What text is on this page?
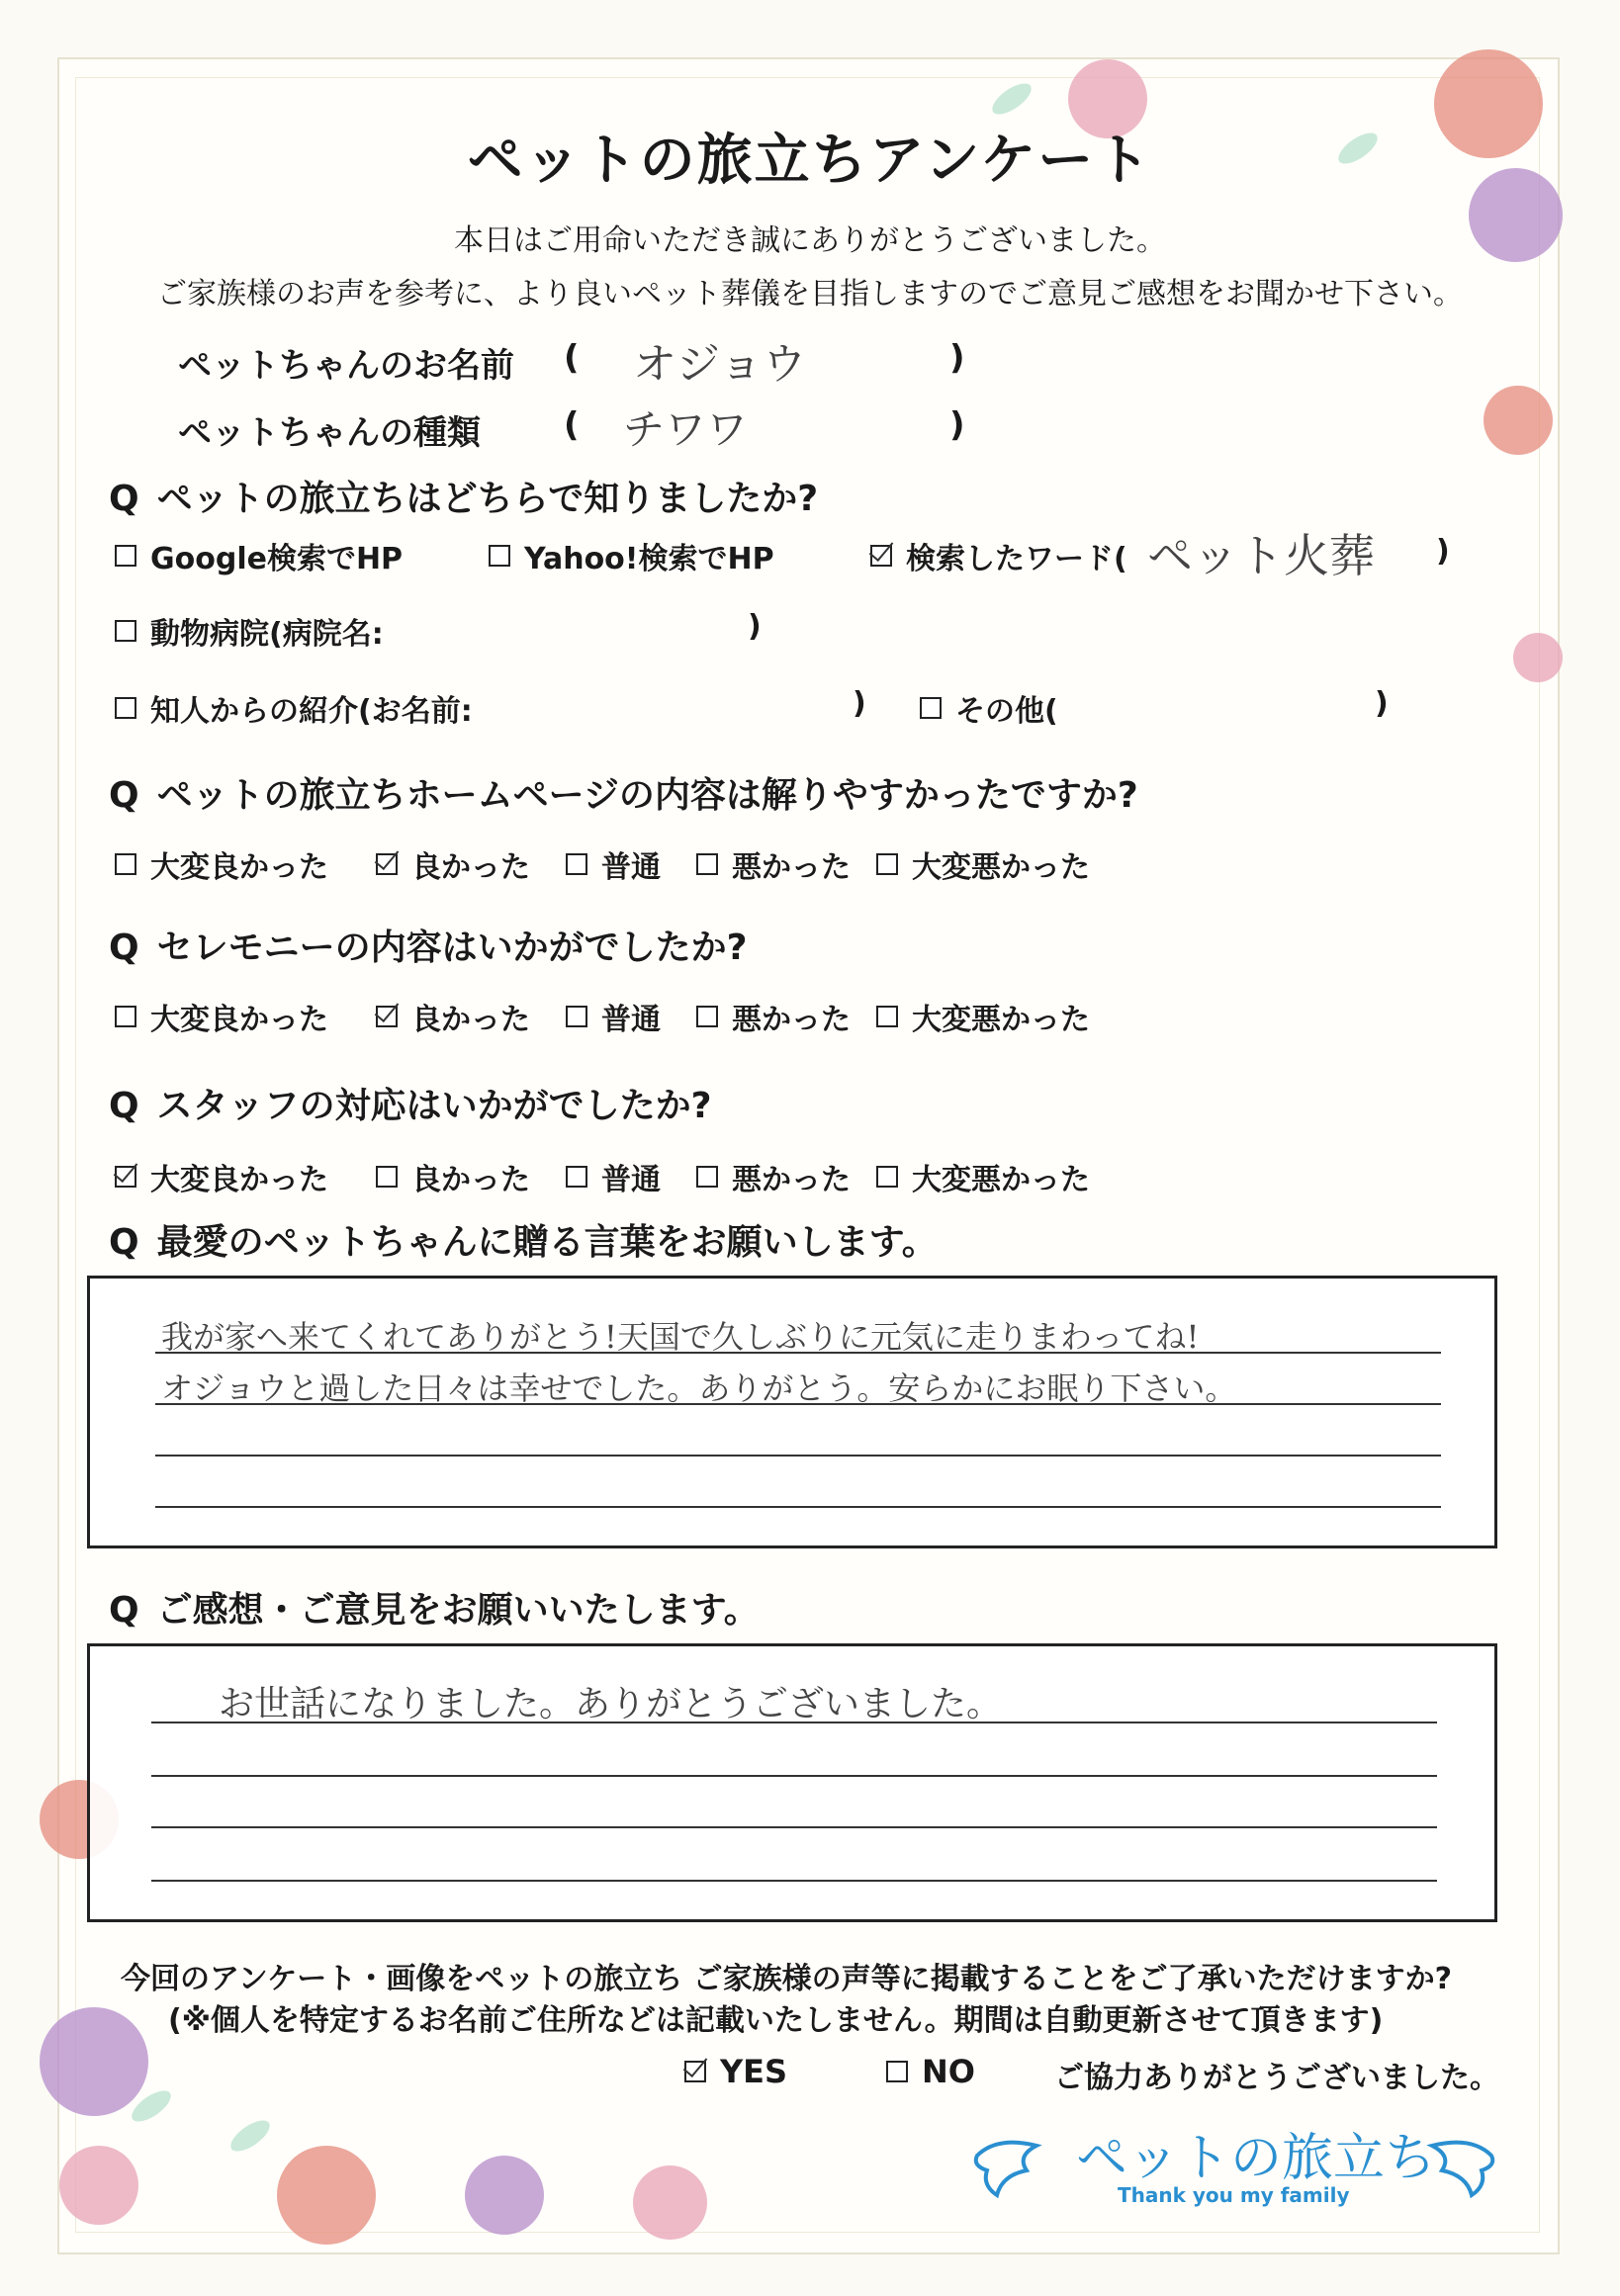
ペットの旅立ちアンケート
本日はご用命いただき誠にありがとうございました。
ご家族様のお声を参考に、より良いペット葬儀を目指しますのでご意見ご感想をお聞かせ下さい。
ペットちゃんのお名前 ( オジョウ	)
ペットちゃんの種類 ( チワワ	)
Q ペットの旅立ちはどちらで知りましたか?
Google検索でHP	Yahoo!検索でHP	検索したワード( ペット火葬 )
動物病院(病院名:	)
知人からの紹介(お名前:	)	その他(	)
Q ペットの旅立ちホームページの内容は解りやすかったですか?
大変良かった	良かった 普通 悪かった 大変悪かった
Q セレモニーの内容はいかがでしたか?
大変良かった	良かった 普通 悪かった 大変悪かった
Q スタッフの対応はいかがでしたか?
大変良かった	良かった 普通 悪かった 大変悪かった
Q 最愛のペットちゃんに贈る言葉をお願いします。
我が家へ来てくれてありがとう!天国で久しぶりに元気に走りまわってね!
オジョウと過した日々は幸せでした。ありがとう。安らかにお眠り下さい。
Q ご感想・ご意見をお願いいたします。
お世話になりました。ありがとうございました。
今回のアンケート・画像をペットの旅立ち ご家族様の声等に掲載することをご了承いただけますか?
(※個人を特定するお名前ご住所などは記載いたしません。期間は自動更新させて頂きます)
YES	NO	ご協力ありがとうございました。
ペットの旅立ち
Thank you my family
